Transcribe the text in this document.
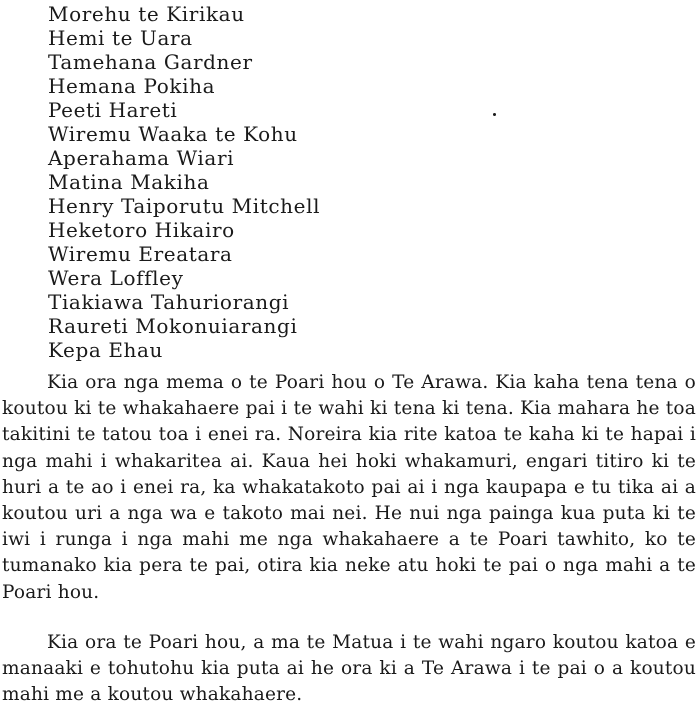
Morehu te Kirikau
Hemi te Uara
Tamehana Gardner
Hemana Pokiha
Peeti Hareti
Wiremu Waaka te Kohu
Aperahama Wiari
Matina Makiha
Henry Taiporutu Mitchell
Heketoro Hikairo
Wiremu Ereatara
Wera Loffley
Tiakiawa Tahuriorangi
Raureti Mokonuiarangi
Kepa Ehau

Kia ora nga mema o te Poari hou o Te Arawa. Kia kaha tena tena o koutou ki te whakahaere pai i te wahi ki tena ki tena. Kia mahara he toa takitini te tatou toa i enei ra. Noreira kia rite katoa te kaha ki te hapai i nga mahi i whakaritea ai. Kaua hei hoki whakamuri, engari titiro ki te huri a te ao i enei ra, ka whakatakoto pai ai i nga kaupapa e tu tika ai a koutou uri a nga wa e takoto mai nei. He nui nga painga kua puta ki te iwi i runga i nga mahi me nga whakahaere a te Poari tawhito, ko te tumanako kia pera te pai, otira kia neke atu hoki te pai o nga mahi a te Poari hou.

Kia ora te Poari hou, a ma te Matua i te wahi ngaro koutou katoa e manaaki e tohutohu kia puta ai he ora ki a Te Arawa i te pai o a koutou mahi me a koutou whakahaere.
